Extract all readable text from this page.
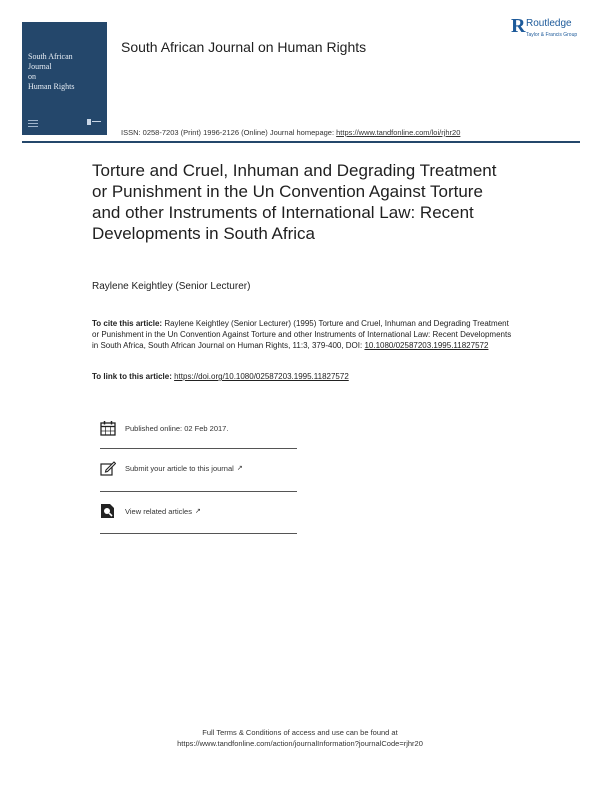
South African
Journal
on
Human Rights
South African Journal on Human Rights
R Routledge
Taylor & Francis Group
ISSN: 0258-7203 (Print) 1996-2126 (Online) Journal homepage: https://www.tandfonline.com/loi/rjhr20
Torture and Cruel, Inhuman and Degrading Treatment or Punishment in the Un Convention Against Torture and other Instruments of International Law: Recent Developments in South Africa
Raylene Keightley (Senior Lecturer)
To cite this article: Raylene Keightley (Senior Lecturer) (1995) Torture and Cruel, Inhuman and Degrading Treatment or Punishment in the Un Convention Against Torture and other Instruments of International Law: Recent Developments in South Africa, South African Journal on Human Rights, 11:3, 379-400, DOI: 10.1080/02587203.1995.11827572
To link to this article: https://doi.org/10.1080/02587203.1995.11827572
Published online: 02 Feb 2017.
Submit your article to this journal ↗
View related articles ↗
Full Terms & Conditions of access and use can be found at
https://www.tandfonline.com/action/journalInformation?journalCode=rjhr20
